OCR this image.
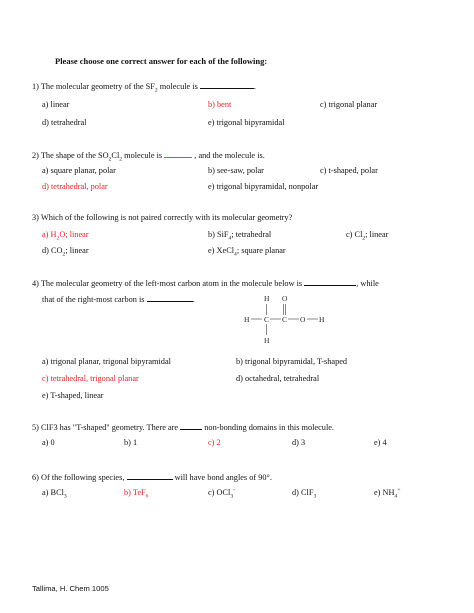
Please choose one correct answer for each of the following:
1) The molecular geometry of the $SF_2$ molecule is	.
a) linear	b) bent	c) trigonal planar
d) tetrahedral	e) trigonal bipyramidal
2) The shape of the $SO_2Cl_2$ molecule is	, and the molecule is.
a) square planar, polar	b) see-saw, polar	c) t-shaped, polar
d) tetrahedral, polar	e) trigonal bipyramidal, nonpolar
3) Which of the following is not paired correctly with its molecular geometry?
a) $H_2O$; linear	b) SiF$_4$; tetrahedral	c) $Cl_2$; linear
d) $CO_2$; linear	e) XeCl$_4$; square planar
4) The molecular geometry of the left-most carbon atom in the molecule below is	, while
that of the right-most carbon is	.	H O
H C C O H
H
a) trigonal planar, trigonal bipyramidal	b) trigonal bipyramidal, T-shaped
c) tetrahedral, trigonal planar	d) octahedral, tetrahedral
e) T-shaped, linear
5) ClF3 has "T-shaped" geometry. There are	non-bonding domains in this molecule.
a) 0	b) 1	c) 2	d) 3	e) 4
6) Of the following species,	will have bond angles of 90°.
a) BCl$_3$	b) TeF$_6$	c) OCl$_3$-	d) ClF$_3$	e) $NH_4^+$
Tallima, H. Chem 1005
